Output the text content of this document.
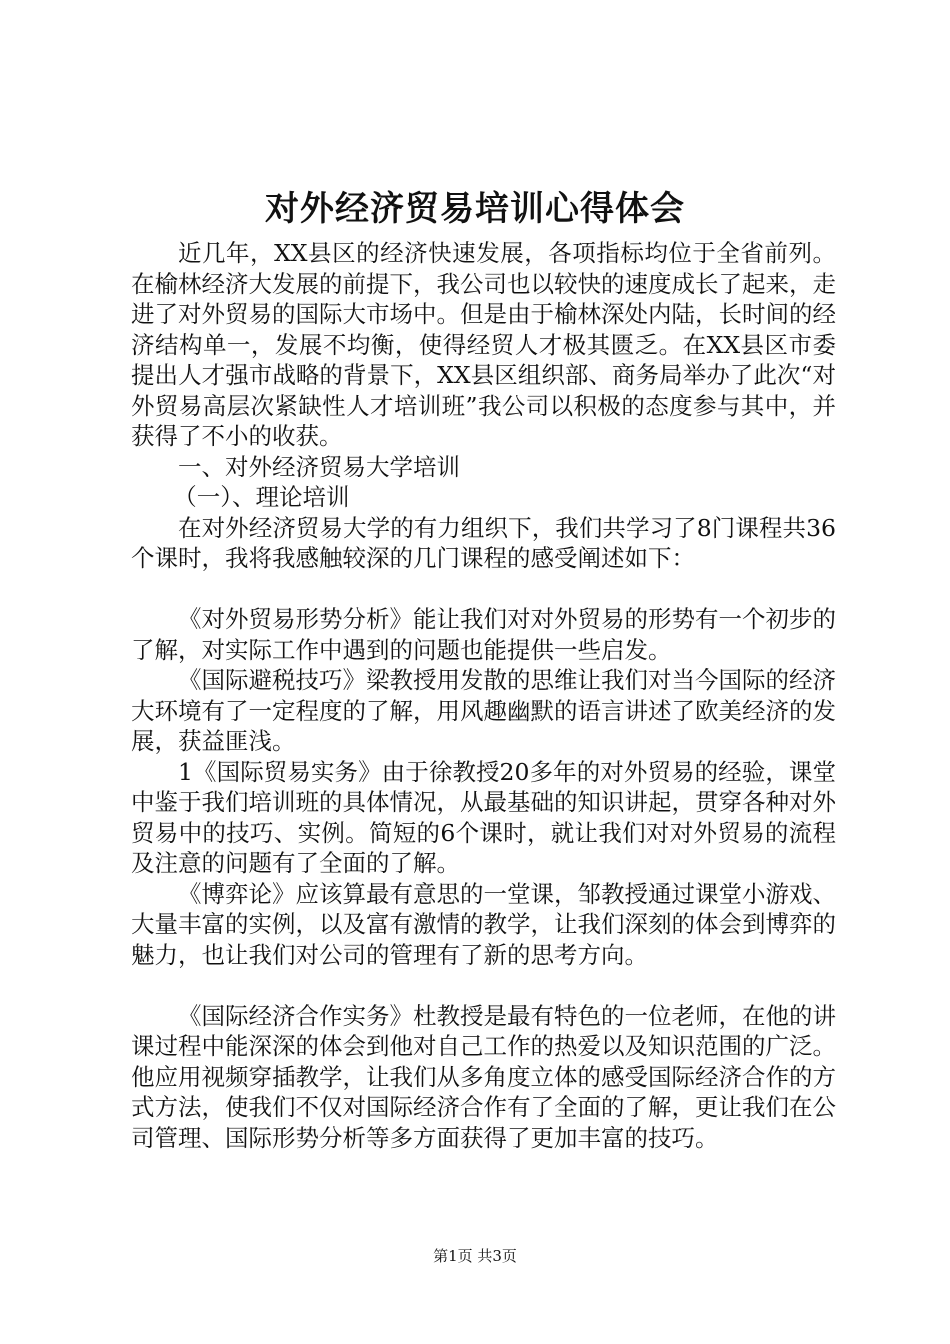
对外经济贸易培训心得体会

近几年，XX县区的经济快速发展，各项指标均位于全省前列。在榆林经济大发展的前提下，我公司也以较快的速度成长了起来，走进了对外贸易的国际大市场中。但是由于榆林深处内陆，长时间的经济结构单一，发展不均衡，使得经贸人才极其匮乏。在XX县区市委提出人才强市战略的背景下，XX县区组织部、商务局举办了此次“对外贸易高层次紧缺性人才培训班”我公司以积极的态度参与其中，并获得了不小的收获。

一、对外经济贸易大学培训

（一）、理论培训

在对外经济贸易大学的有力组织下，我们共学习了8门课程共36个课时，我将我感触较深的几门课程的感受阐述如下：

《对外贸易形势分析》能让我们对对外贸易的形势有一个初步的了解，对实际工作中遇到的问题也能提供一些启发。

《国际避税技巧》梁教授用发散的思维让我们对当今国际的经济大环境有了一定程度的了解，用风趣幽默的语言讲述了欧美经济的发展，获益匪浅。

1《国际贸易实务》由于徐教授20多年的对外贸易的经验，课堂中鉴于我们培训班的具体情况，从最基础的知识讲起，贯穿各种对外贸易中的技巧、实例。简短的6个课时，就让我们对对外贸易的流程及注意的问题有了全面的了解。

《博弈论》应该算最有意思的一堂课，邹教授通过课堂小游戏、大量丰富的实例，以及富有激情的教学，让我们深刻的体会到博弈的魅力，也让我们对公司的管理有了新的思考方向。

《国际经济合作实务》杜教授是最有特色的一位老师，在他的讲课过程中能深深的体会到他对自己工作的热爱以及知识范围的广泛。他应用视频穿插教学，让我们从多角度立体的感受国际经济合作的方式方法，使我们不仅对国际经济合作有了全面的了解，更让我们在公司管理、国际形势分析等多方面获得了更加丰富的技巧。

第1页 共3页
